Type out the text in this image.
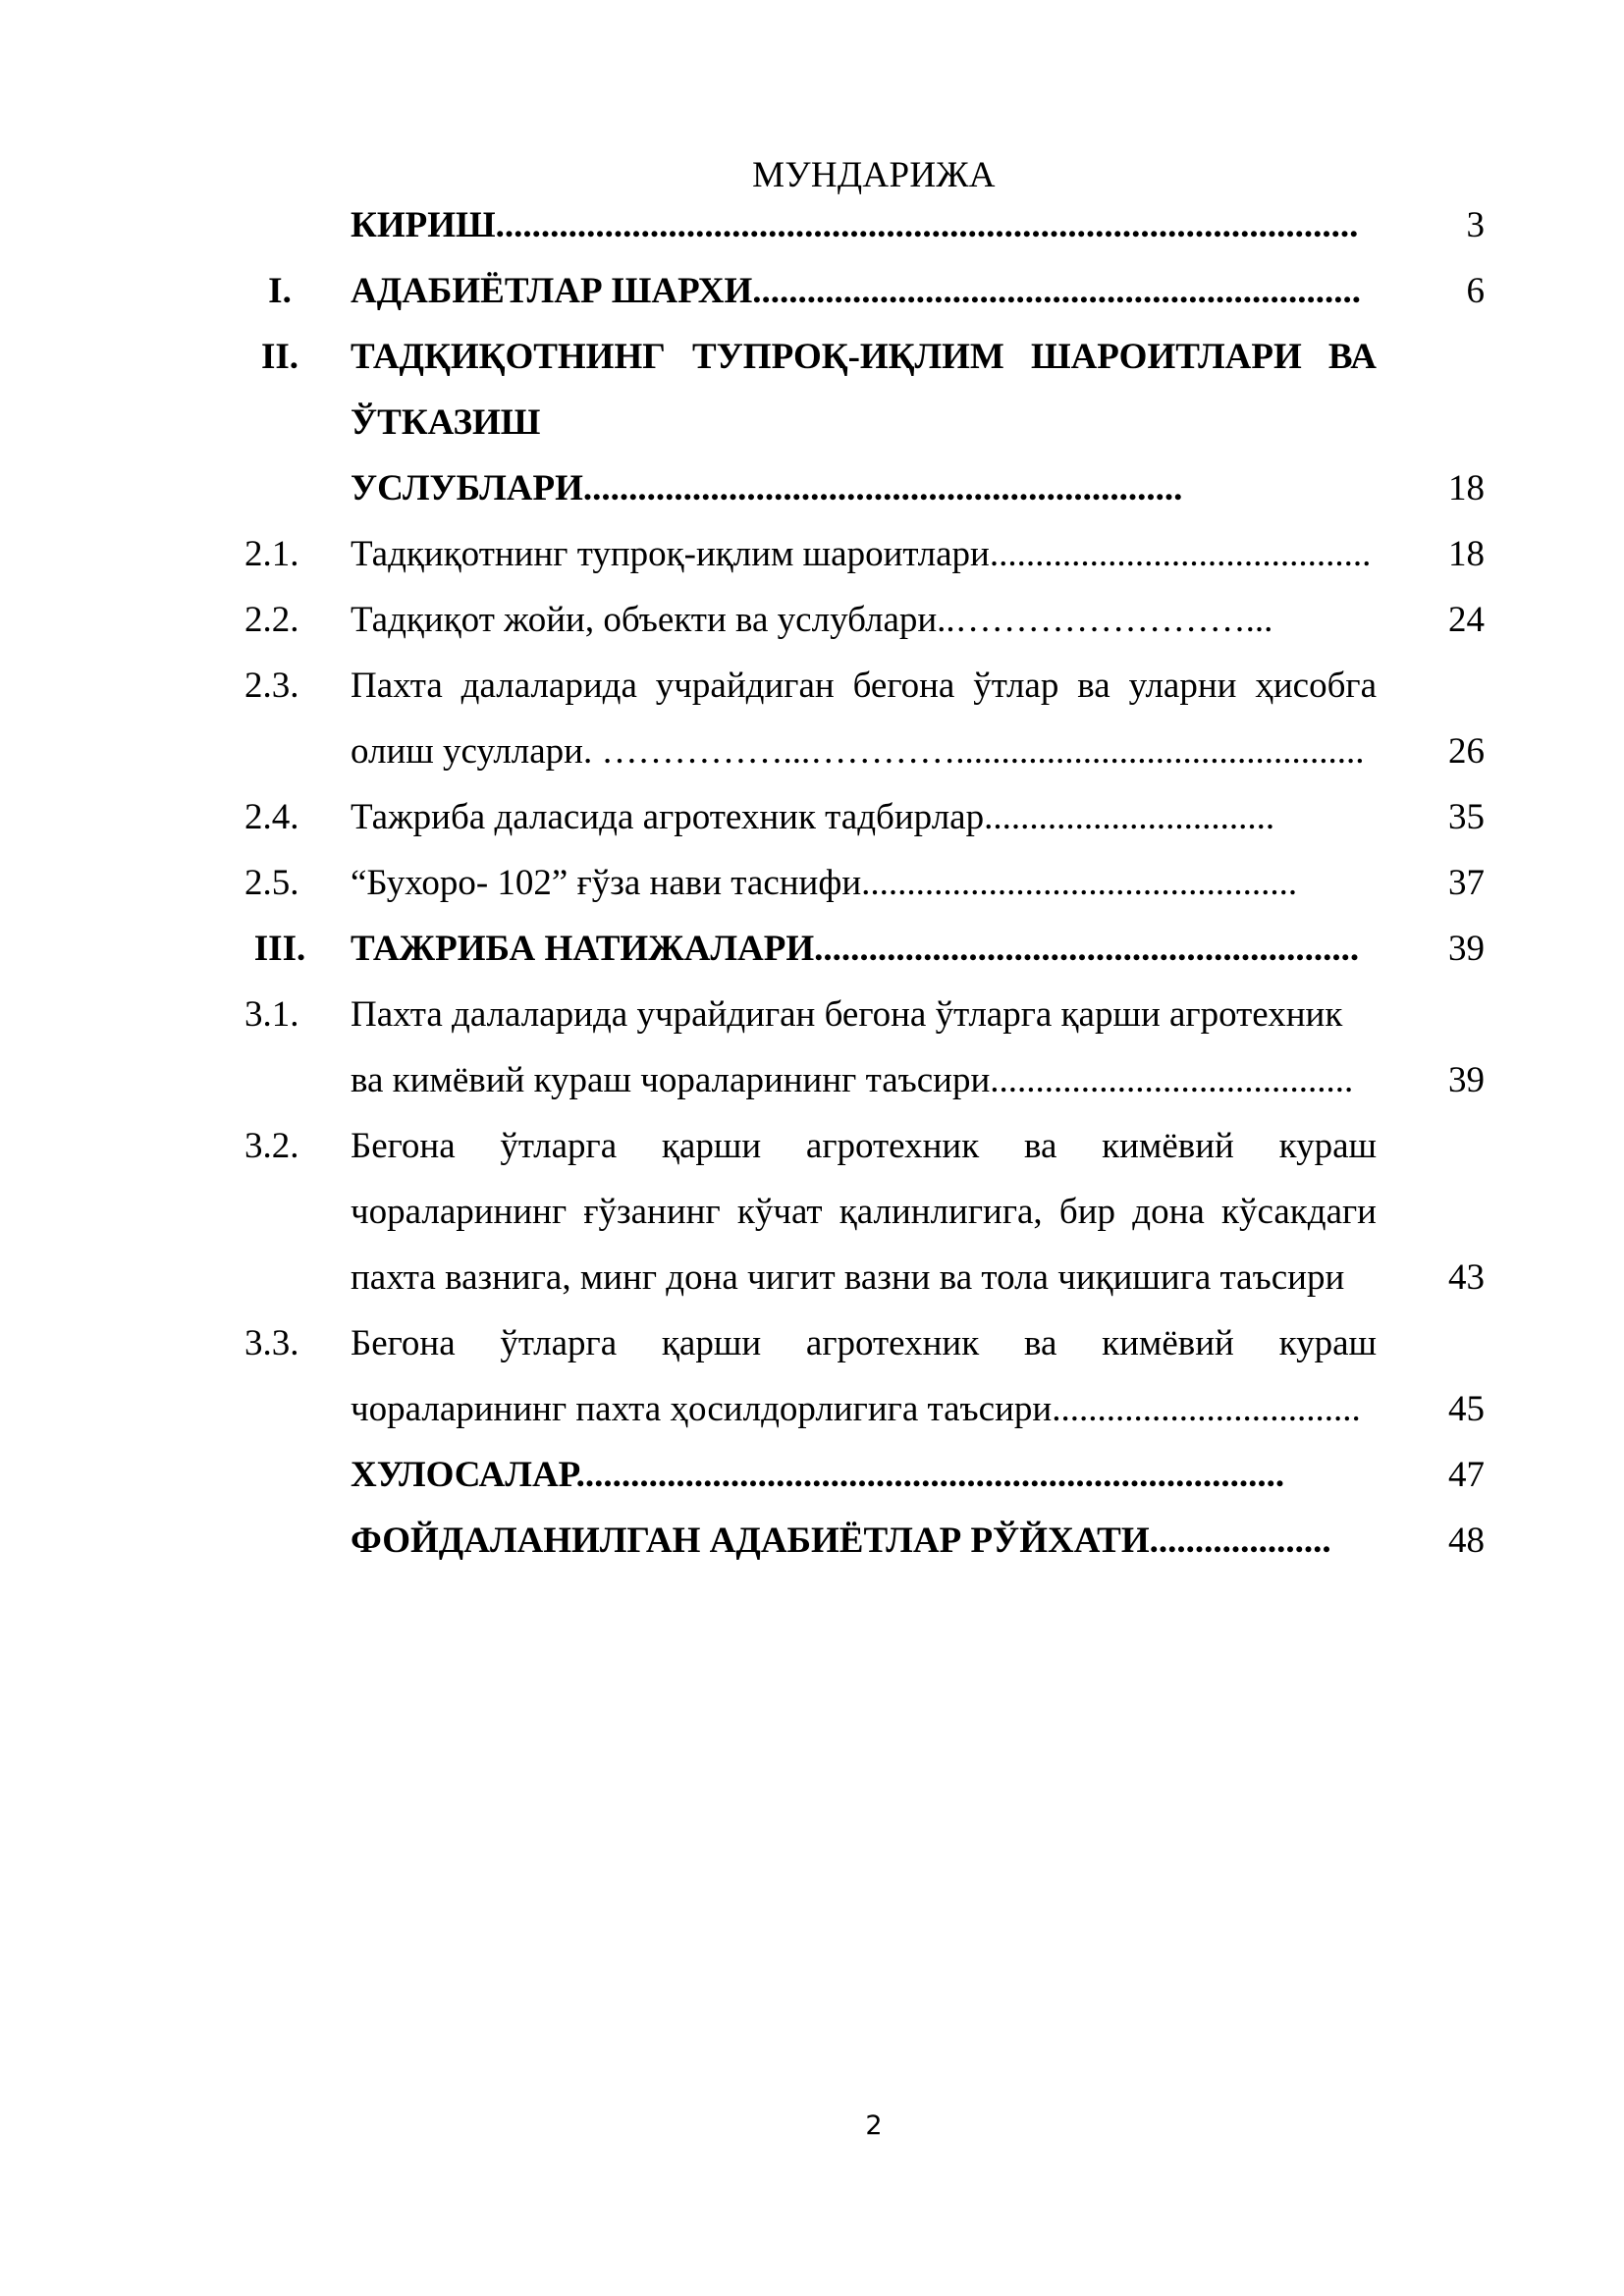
МУНДАРИЖА
КИРИШ...............................................................................................	3
I.	АДАБИЁТЛАР ШАРХИ...................................................................	6
II.	ТАДҚИҚОТНИНГ ТУПРОҚ-ИҚЛИМ ШАРОИТЛАРИ ВА ЎТКАЗИШ УСЛУБЛАРИ..................................................................	18
2.1.	Тадқиқотнинг тупроқ-иқлим шароитлари..........................................	18
2.2.	Тадқиқот жойи, объекти ва услублари..……………………...	24
2.3.	Пахта далаларида учрайдиган бегона ўтлар ва уларни ҳисобга олиш усуллари. ……………...………….............................................	26
2.4.	Тажриба даласида агротехник тадбирлар................................	35
2.5.	“Бухоро- 102” ғўза нави таснифи................................................	37
III. ТАЖРИБА НАТИЖАЛАРИ............................................................	39
3.1.	Пахта далаларида учрайдиган бегона ўтларга қарши агротехник ва кимёвий кураш чораларининг таъсири........................................	39
3.2.	Бегона ўтларга қарши агротехник ва кимёвий кураш чораларининг ғўзанинг кўчат қалинлигига, бир дона кўсакдаги пахта вазнига, минг дона чигит вазни ва тола чиқишига таъсири	43
3.3.	Бегона ўтларга қарши агротехник ва кимёвий кураш чораларининг пахта ҳосилдорлигига таъсири..................................	45
ХУЛОСАЛАР..............................................................................	47
ФОЙДАЛАНИЛГАН АДАБИЁТЛАР РЎЙХАТИ....................	48
2
